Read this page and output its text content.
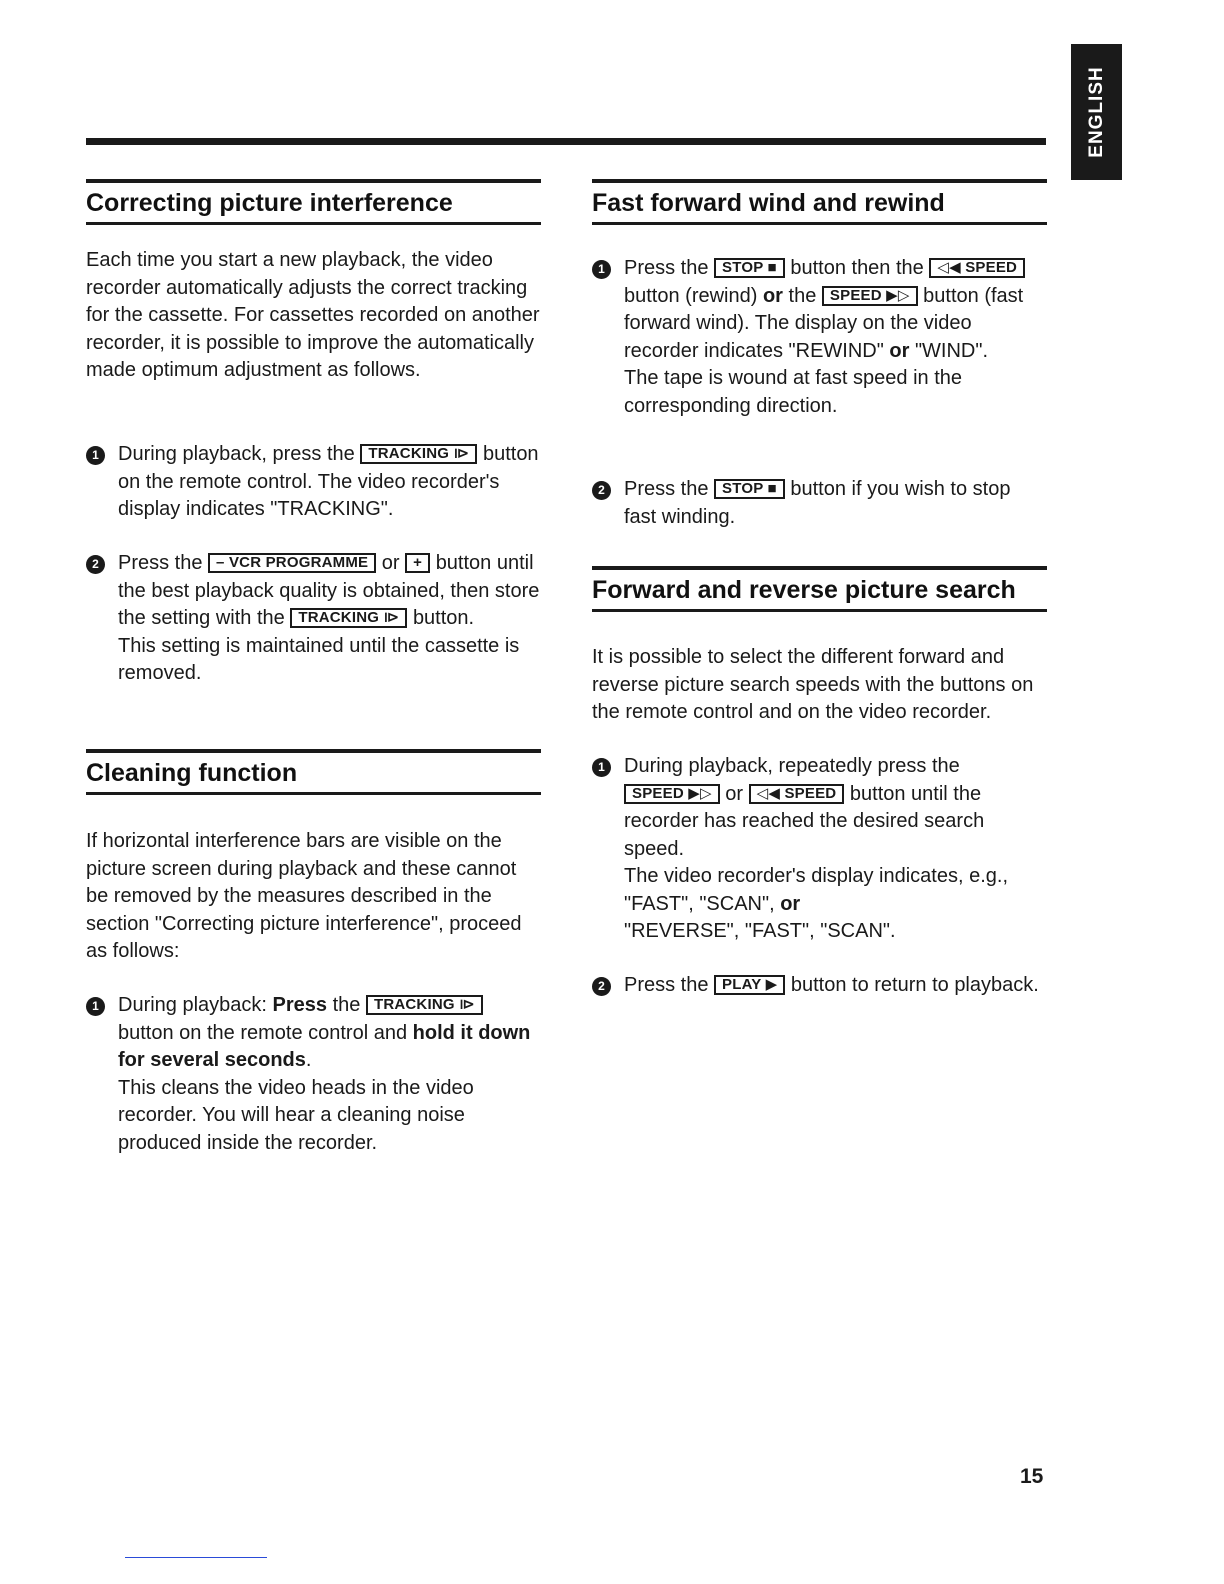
ENGLISH
Correcting picture interference

Each time you start a new playback, the video recorder automatically adjusts the correct tracking for the cassette. For cassettes recorded on another recorder, it is possible to improve the automatically made optimum adjustment as follows.

1 During playback, press the TRACKING ⧐ button on the remote control. The video recorder's display indicates "TRACKING".
2 Press the – VCR PROGRAMME or + button until the best playback quality is obtained, then store the setting with the TRACKING ⧐ button.
This setting is maintained until the cassette is removed.
Cleaning function

If horizontal interference bars are visible on the picture screen during playback and these cannot be removed by the measures described in the section "Correcting picture interference", proceed as follows:

1 During playback: Press the TRACKING ⧐ button on the remote control and hold it down for several seconds.
This cleans the video heads in the video recorder. You will hear a cleaning noise produced inside the recorder.
Fast forward wind and rewind
1 Press the STOP ■ button then the ◁◀ SPEED button (rewind) or the SPEED ▶▷ button (fast forward wind). The display on the video recorder indicates "REWIND" or "WIND".
The tape is wound at fast speed in the corresponding direction.
2 Press the STOP ■ button if you wish to stop fast winding.
Forward and reverse picture search

It is possible to select the different forward and reverse picture search speeds with the buttons on the remote control and on the video recorder.

1 During playback, repeatedly press the SPEED ▶▷ or ◁◀ SPEED button until the recorder has reached the desired search speed.
The video recorder's display indicates, e.g., "FAST", "SCAN", or
"REVERSE", "FAST", "SCAN".
2 Press the PLAY ▶ button to return to playback.
15
